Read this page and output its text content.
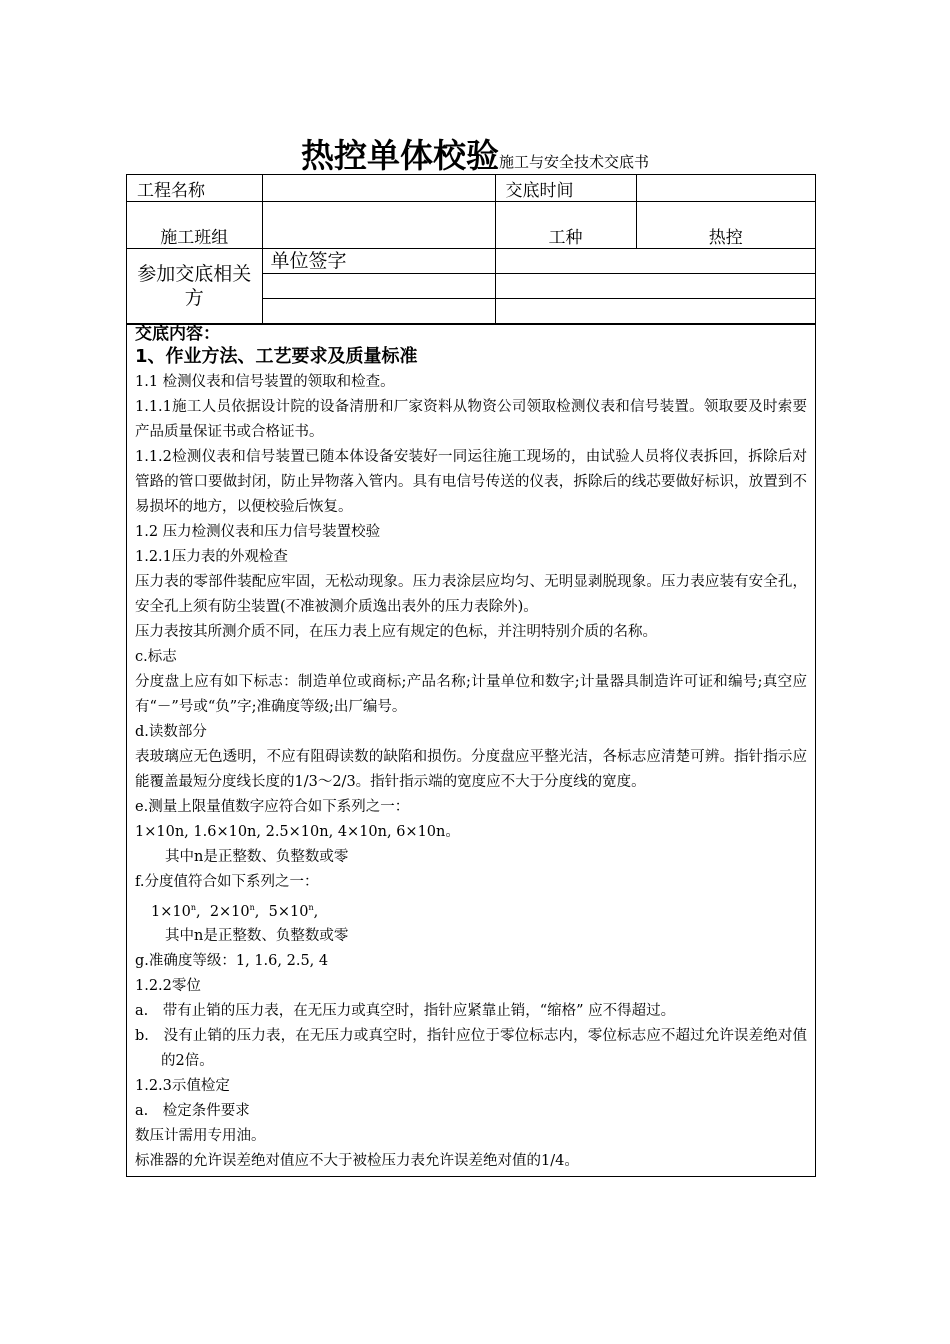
热控单体校验施工与安全技术交底书
工程名称		交底时间	
施工班组		工种	热控
参加交底相关方	单位签字		

交底内容：

1、作业方法、工艺要求及质量标准

1.1 检测仪表和信号装置的领取和检查。

1.1.1施工人员依据设计院的设备清册和厂家资料从物资公司领取检测仪表和信号装置。领取要及时索要产品质量保证书或合格证书。

1.1.2检测仪表和信号装置已随本体设备安装好一同运往施工现场的，由试验人员将仪表拆回，拆除后对管路的管口要做封闭，防止异物落入管内。具有电信号传送的仪表，拆除后的线芯要做好标识，放置到不易损坏的地方，以便校验后恢复。

1.2 压力检测仪表和压力信号装置校验

1.2.1压力表的外观检查

压力表的零部件装配应牢固，无松动现象。压力表涂层应均匀、无明显剥脱现象。压力表应装有安全孔，安全孔上须有防尘装置(不准被测介质逸出表外的压力表除外)。

压力表按其所测介质不同，在压力表上应有规定的色标，并注明特别介质的名称。

c.标志

分度盘上应有如下标志：制造单位或商标;产品名称;计量单位和数字;计量器具制造许可证和编号;真空应有“－”号或“负”字;准确度等级;出厂编号。

d.读数部分

表玻璃应无色透明，不应有阻碍读数的缺陷和损伤。分度盘应平整光洁，各标志应清楚可辨。指针指示应能覆盖最短分度线长度的1/3～2/3。指针指示端的宽度应不大于分度线的宽度。

e.测量上限量值数字应符合如下系列之一：

1×10n, 1.6×10n, 2.5×10n, 4×10n, 6×10n。

其中n是正整数、负整数或零

f.分度值符合如下系列之一：

$1\times 10^n$,  $2\times 10^n$,  $5\times 10^n$,

其中n是正整数、负整数或零

g.准确度等级：1, 1.6, 2.5, 4

1.2.2零位

a.　带有止销的压力表，在无压力或真空时，指针应紧靠止销，“缩格” 应不得超过。

b.　没有止销的压力表，在无压力或真空时，指针应位于零位标志内，零位标志应不超过允许误差绝对值的2倍。

1.2.3示值检定

a.　检定条件要求

数压计需用专用油。

标准器的允许误差绝对值应不大于被检压力表允许误差绝对值的1/4。
